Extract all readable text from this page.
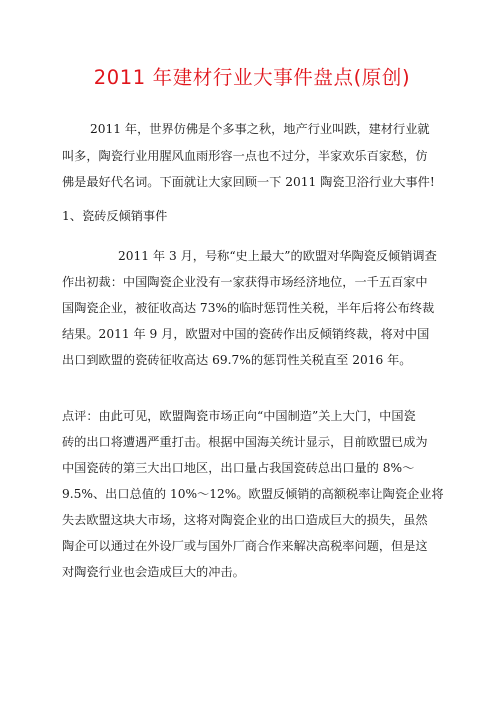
2011 年建材行业大事件盘点(原创)
2011 年，世界仿佛是个多事之秋，地产行业叫跌，建材行业就
叫多，陶瓷行业用腥风血雨形容一点也不过分，半家欢乐百家愁，仿
佛是最好代名词。下面就让大家回顾一下 2011 陶瓷卫浴行业大事件!
1、瓷砖反倾销事件
2011 年 3 月，号称“史上最大”的欧盟对华陶瓷反倾销调查
作出初裁：中国陶瓷企业没有一家获得市场经济地位，一千五百家中
国陶瓷企业，被征收高达 73%的临时惩罚性关税，半年后将公布终裁
结果。2011 年 9 月，欧盟对中国的瓷砖作出反倾销终裁，将对中国
出口到欧盟的瓷砖征收高达 69.7%的惩罚性关税直至 2016 年。
点评：由此可见，欧盟陶瓷市场正向“中国制造”关上大门，中国瓷
砖的出口将遭遇严重打击。根据中国海关统计显示，目前欧盟已成为
中国瓷砖的第三大出口地区，出口量占我国瓷砖总出口量的 8%～
9.5%、出口总值的 10%～12%。欧盟反倾销的高额税率让陶瓷企业将
失去欧盟这块大市场，这将对陶瓷企业的出口造成巨大的损失，虽然
陶企可以通过在外设厂或与国外厂商合作来解决高税率问题，但是这
对陶瓷行业也会造成巨大的冲击。
